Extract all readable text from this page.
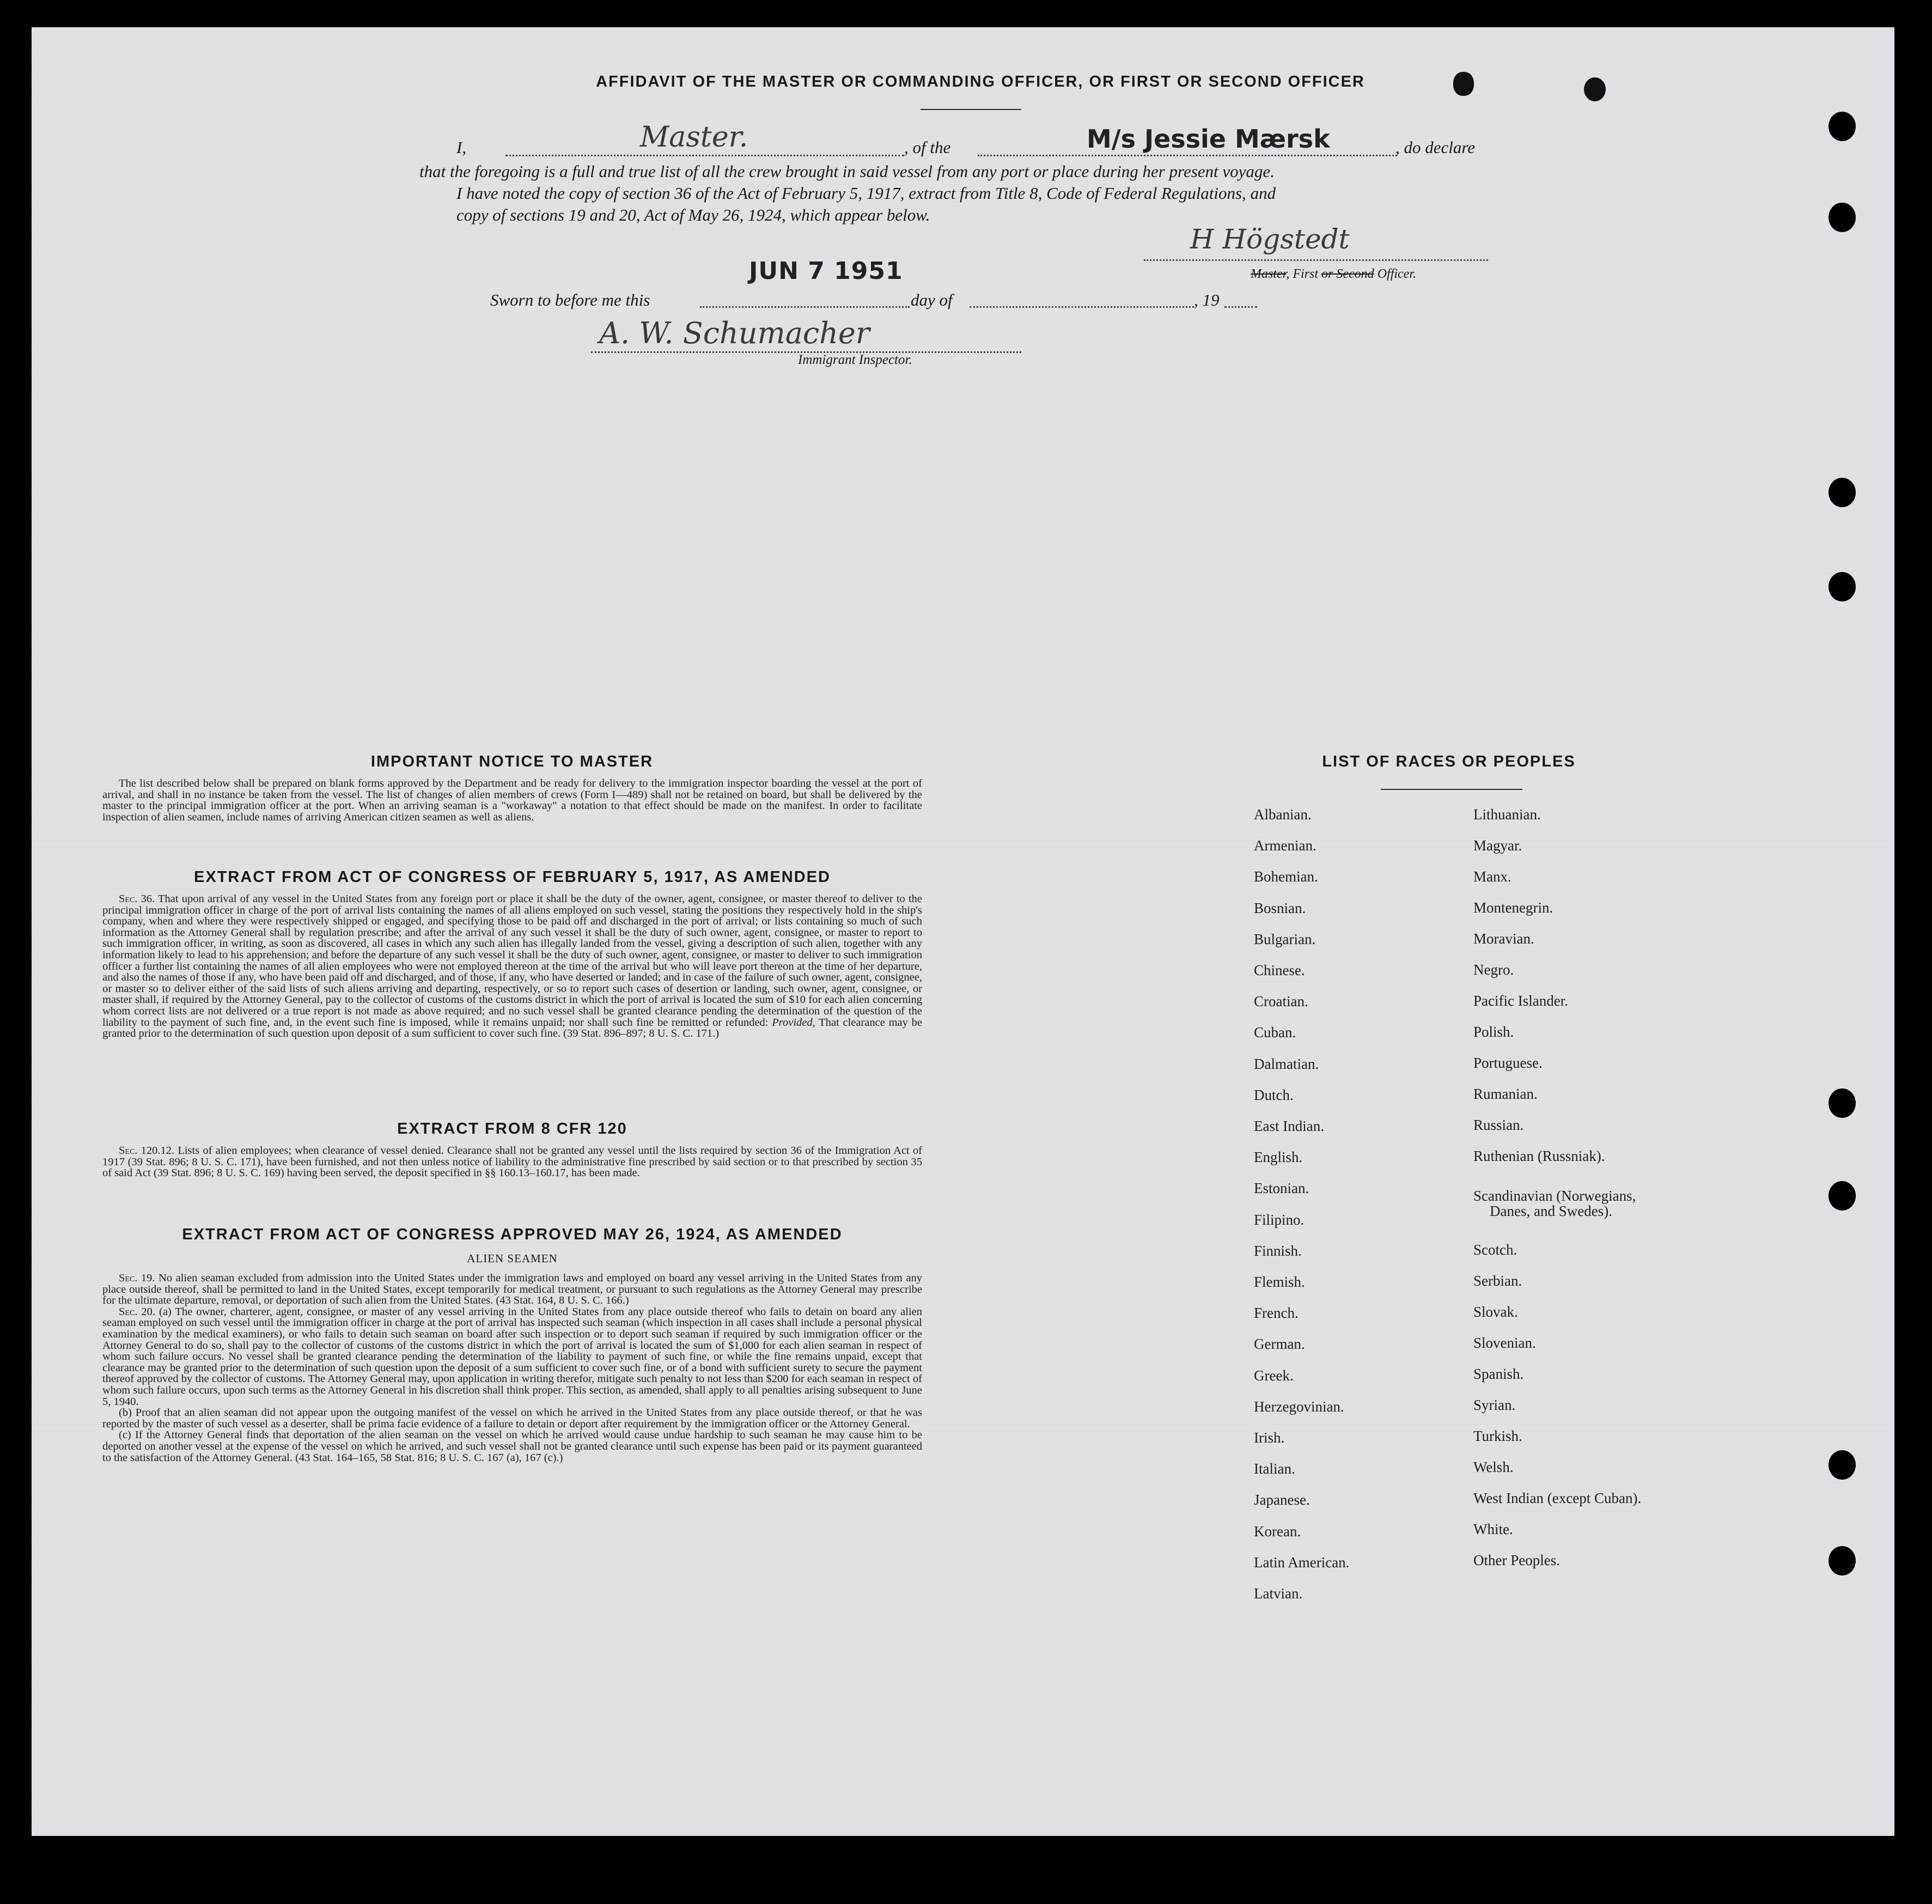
AFFIDAVIT OF THE MASTER OR COMMANDING OFFICER, OR FIRST OR SECOND OFFICER
I,	Master.	, of the	M/s Jessie Mærsk	, do declare
that the foregoing is a full and true list of all the crew brought in said vessel from any port or place during her present voyage.
I have noted the copy of section 36 of the Act of February 5, 1917, extract from Title 8, Code of Federal Regulations, and
copy of sections 19 and 20, Act of May 26, 1924, which appear below.
H Högstedt
Master, First or Second Officer.
JUN 7 1951
Sworn to before me this	day of	, 19
A. W. Schumacher
Immigrant Inspector.
IMPORTANT NOTICE TO MASTER

The list described below shall be prepared on blank forms approved by the Department and be ready for delivery to the immigration inspector boarding the vessel at the port of arrival, and shall in no instance be taken from the vessel. The list of changes of alien members of crews (Form I—489) shall not be retained on board, but shall be delivered by the master to the principal immigration officer at the port. When an arriving seaman is a "workaway" a notation to that effect should be made on the manifest. In order to facilitate inspection of alien seamen, include names of arriving American citizen seamen as well as aliens.

EXTRACT FROM ACT OF CONGRESS OF FEBRUARY 5, 1917, AS AMENDED

Sec. 36. That upon arrival of any vessel in the United States from any foreign port or place it shall be the duty of the owner, agent, consignee, or master thereof to deliver to the principal immigration officer in charge of the port of arrival lists containing the names of all aliens employed on such vessel, stating the positions they respectively hold in the ship's company, when and where they were respectively shipped or engaged, and specifying those to be paid off and discharged in the port of arrival; or lists containing so much of such information as the Attorney General shall by regulation prescribe; and after the arrival of any such vessel it shall be the duty of such owner, agent, consignee, or master to report to such immigration officer, in writing, as soon as discovered, all cases in which any such alien has illegally landed from the vessel, giving a description of such alien, together with any information likely to lead to his apprehension; and before the departure of any such vessel it shall be the duty of such owner, agent, consignee, or master to deliver to such immigration officer a further list containing the names of all alien employees who were not employed thereon at the time of the arrival but who will leave port thereon at the time of her departure, and also the names of those if any, who have been paid off and discharged, and of those, if any, who have deserted or landed; and in case of the failure of such owner, agent, consignee, or master so to deliver either of the said lists of such aliens arriving and departing, respectively, or so to report such cases of desertion or landing, such owner, agent, consignee, or master shall, if required by the Attorney General, pay to the collector of customs of the customs district in which the port of arrival is located the sum of $10 for each alien concerning whom correct lists are not delivered or a true report is not made as above required; and no such vessel shall be granted clearance pending the determination of the question of the liability to the payment of such fine, and, in the event such fine is imposed, while it remains unpaid; nor shall such fine be remitted or refunded: Provided, That clearance may be granted prior to the determination of such question upon deposit of a sum sufficient to cover such fine. (39 Stat. 896–897; 8 U. S. C. 171.)

EXTRACT FROM 8 CFR 120

Sec. 120.12. Lists of alien employees; when clearance of vessel denied. Clearance shall not be granted any vessel until the lists required by section 36 of the Immigration Act of 1917 (39 Stat. 896; 8 U. S. C. 171), have been furnished, and not then unless notice of liability to the administrative fine prescribed by said section or to that prescribed by section 35 of said Act (39 Stat. 896; 8 U. S. C. 169) having been served, the deposit specified in §§ 160.13–160.17, has been made.

EXTRACT FROM ACT OF CONGRESS APPROVED MAY 26, 1924, AS AMENDED
ALIEN SEAMEN

Sec. 19. No alien seaman excluded from admission into the United States under the immigration laws and employed on board any vessel arriving in the United States from any place outside thereof, shall be permitted to land in the United States, except temporarily for medical treatment, or pursuant to such regulations as the Attorney General may prescribe for the ultimate departure, removal, or deportation of such alien from the United States. (43 Stat. 164, 8 U. S. C. 166.)

Sec. 20. (a) The owner, charterer, agent, consignee, or master of any vessel arriving in the United States from any place outside thereof who fails to detain on board any alien seaman employed on such vessel until the immigration officer in charge at the port of arrival has inspected such seaman (which inspection in all cases shall include a personal physical examination by the medical examiners), or who fails to detain such seaman on board after such inspection or to deport such seaman if required by such immigration officer or the Attorney General to do so, shall pay to the collector of customs of the customs district in which the port of arrival is located the sum of $1,000 for each alien seaman in respect of whom such failure occurs. No vessel shall be granted clearance pending the determination of the liability to payment of such fine, or while the fine remains unpaid, except that clearance may be granted prior to the determination of such question upon the deposit of a sum sufficient to cover such fine, or of a bond with sufficient surety to secure the payment thereof approved by the collector of customs. The Attorney General may, upon application in writing therefor, mitigate such penalty to not less than $200 for each seaman in respect of whom such failure occurs, upon such terms as the Attorney General in his discretion shall think proper. This section, as amended, shall apply to all penalties arising subsequent to June 5, 1940.

(b) Proof that an alien seaman did not appear upon the outgoing manifest of the vessel on which he arrived in the United States from any place outside thereof, or that he was reported by the master of such vessel as a deserter, shall be prima facie evidence of a failure to detain or deport after requirement by the immigration officer or the Attorney General.

(c) If the Attorney General finds that deportation of the alien seaman on the vessel on which he arrived would cause undue hardship to such seaman he may cause him to be deported on another vessel at the expense of the vessel on which he arrived, and such vessel shall not be granted clearance until such expense has been paid or its payment guaranteed to the satisfaction of the Attorney General. (43 Stat. 164–165, 58 Stat. 816; 8 U. S. C. 167 (a), 167 (c).)

LIST OF RACES OR PEOPLES
Albanian.
Armenian.
Bohemian.
Bosnian.
Bulgarian.
Chinese.
Croatian.
Cuban.
Dalmatian.
Dutch.
East Indian.
English.
Estonian.
Filipino.
Finnish.
Flemish.
French.
German.
Greek.
Herzegovinian.
Irish.
Italian.
Japanese.
Korean.
Latin American.
Latvian.
Lithuanian.
Magyar.
Manx.
Montenegrin.
Moravian.
Negro.
Pacific Islander.
Polish.
Portuguese.
Rumanian.
Russian.
Ruthenian (Russniak).
Scandinavian (Norwegians,
Danes, and Swedes).
Scotch.
Serbian.
Slovak.
Slovenian.
Spanish.
Syrian.
Turkish.
Welsh.
West Indian (except Cuban).
White.
Other Peoples.
